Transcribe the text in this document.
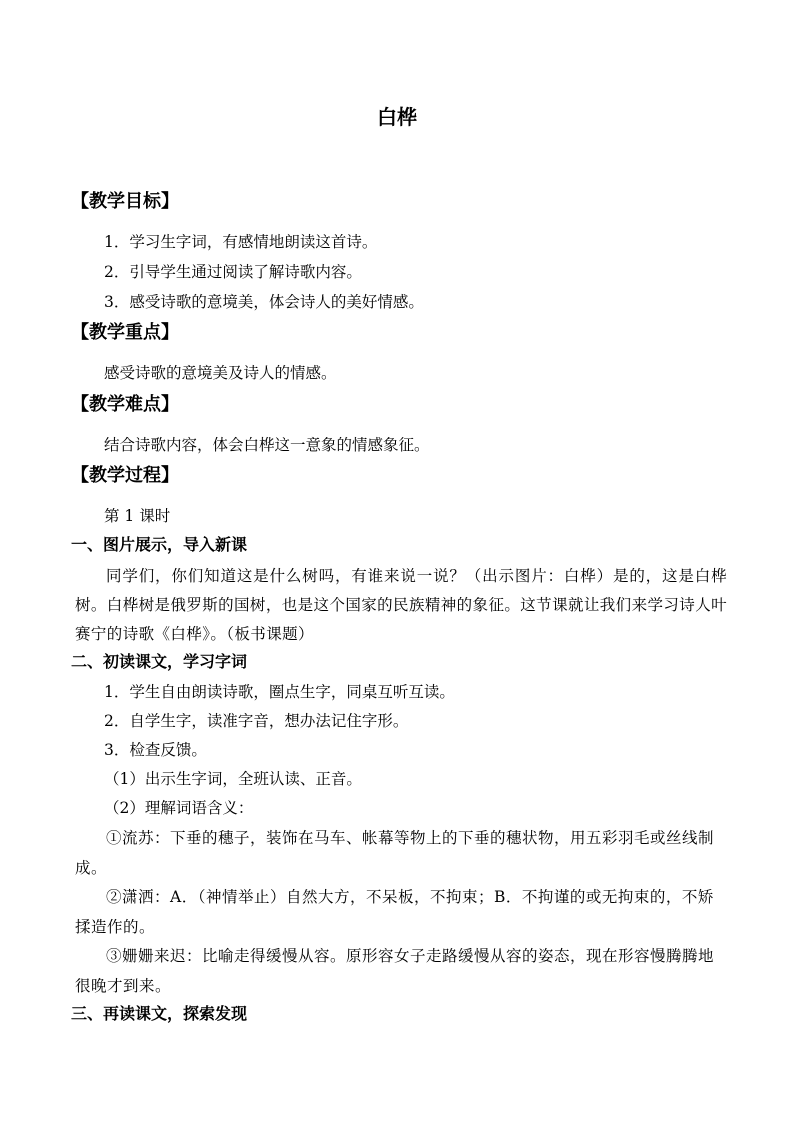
白桦
【教学目标】
1．学习生字词，有感情地朗读这首诗。
2．引导学生通过阅读了解诗歌内容。
3．感受诗歌的意境美，体会诗人的美好情感。
【教学重点】
感受诗歌的意境美及诗人的情感。
【教学难点】
结合诗歌内容，体会白桦这一意象的情感象征。
【教学过程】
第 1 课时
一、图片展示，导入新课
同学们，你们知道这是什么树吗，有谁来说一说？（出示图片：白桦）是的，这是白桦树。白桦树是俄罗斯的国树，也是这个国家的民族精神的象征。这节课就让我们来学习诗人叶赛宁的诗歌《白桦》。（板书课题）
二、初读课文，学习字词
1．学生自由朗读诗歌，圈点生字，同桌互听互读。
2．自学生字，读准字音，想办法记住字形。
3．检查反馈。
（1）出示生字词，全班认读、正音。
（2）理解词语含义：
①流苏：下垂的穗子，装饰在马车、帐幕等物上的下垂的穗状物，用五彩羽毛或丝线制成。
②潇洒：A．（神情举止）自然大方，不呆板，不拘束；B．不拘谨的或无拘束的，不矫揉造作的。
③姗姗来迟：比喻走得缓慢从容。原形容女子走路缓慢从容的姿态，现在形容慢腾腾地很晚才到来。
三、再读课文，探索发现
